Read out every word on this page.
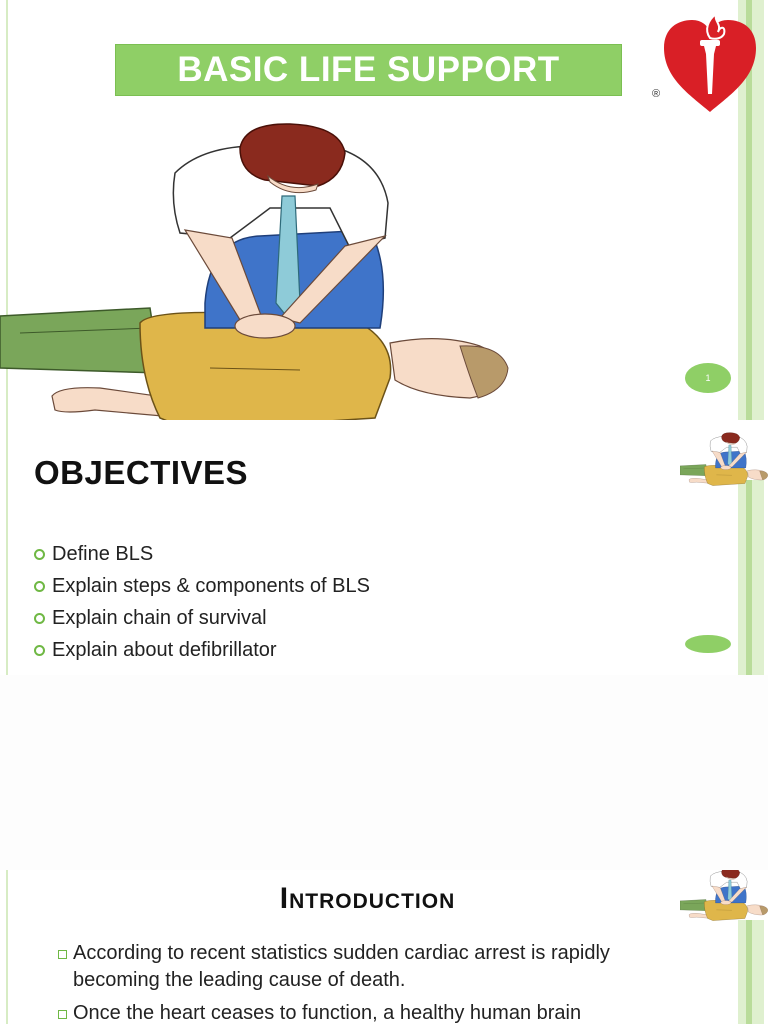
BASIC LIFE SUPPORT
®
1
OBJECTIVES
Define BLS
Explain steps & components of BLS
Explain chain of survival
Explain about defibrillator
Introduction
According to recent statistics sudden cardiac arrest is rapidly becoming the leading cause of death.
Once the heart ceases to function, a healthy human brain
